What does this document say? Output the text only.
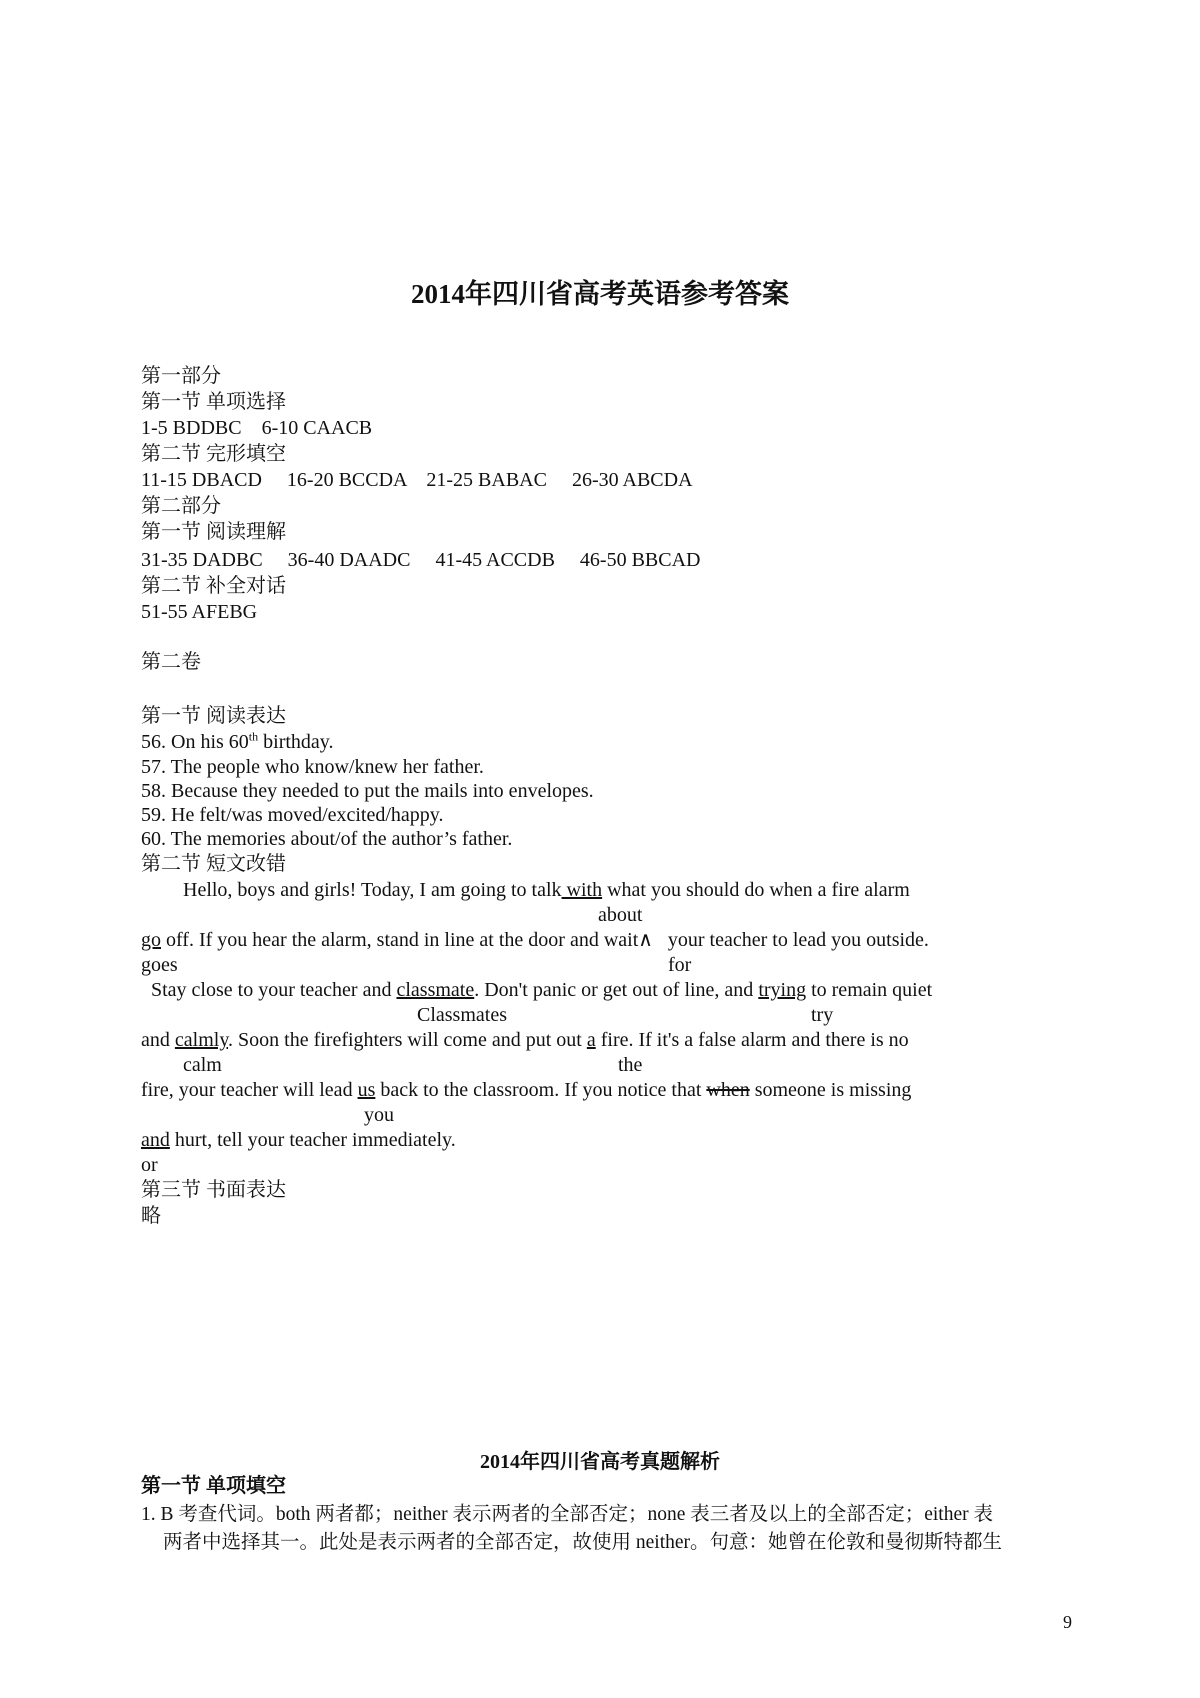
2014年四川省高考英语参考答案
第一部分
第一节 单项选择
1-5 BDDBC    6-10 CAACB
第二节 完形填空
11-15 DBACD     16-20 BCCDA    21-25 BABAC     26-30 ABCDA
第二部分
第一节 阅读理解
31-35 DADBC     36-40 DAADC     41-45 ACCDB     46-50 BBCAD
第二节 补全对话
51-55 AFEBG
第二卷
第一节 阅读表达
56. On his 60th birthday.
57. The people who know/knew her father.
58. Because they needed to put the mails into envelopes.
59. He felt/was moved/excited/happy.
60. The memories about/of the author’s father.
第二节 短文改错
Hello, boys and girls! Today, I am going to talk with what you should do when a fire alarm
about
go off. If you hear the alarm, stand in line at the door and wait∧   your teacher to lead you outside.
goes	for
Stay close to your teacher and classmate. Don't panic or get out of line, and trying to remain quiet
Classmates	try
and calmly. Soon the firefighters will come and put out a fire. If it's a false alarm and there is no
calm	the
fire, your teacher will lead us back to the classroom. If you notice that when someone is missing
you
and hurt, tell your teacher immediately.
or
第三节 书面表达
略
2014年四川省高考真题解析
第一节 单项填空
1. B 考查代词。both 两者都；neither 表示两者的全部否定；none 表三者及以上的全部否定；either 表
两者中选择其一。此处是表示两者的全部否定，故使用 neither。句意：她曾在伦敦和曼彻斯特都生
9
